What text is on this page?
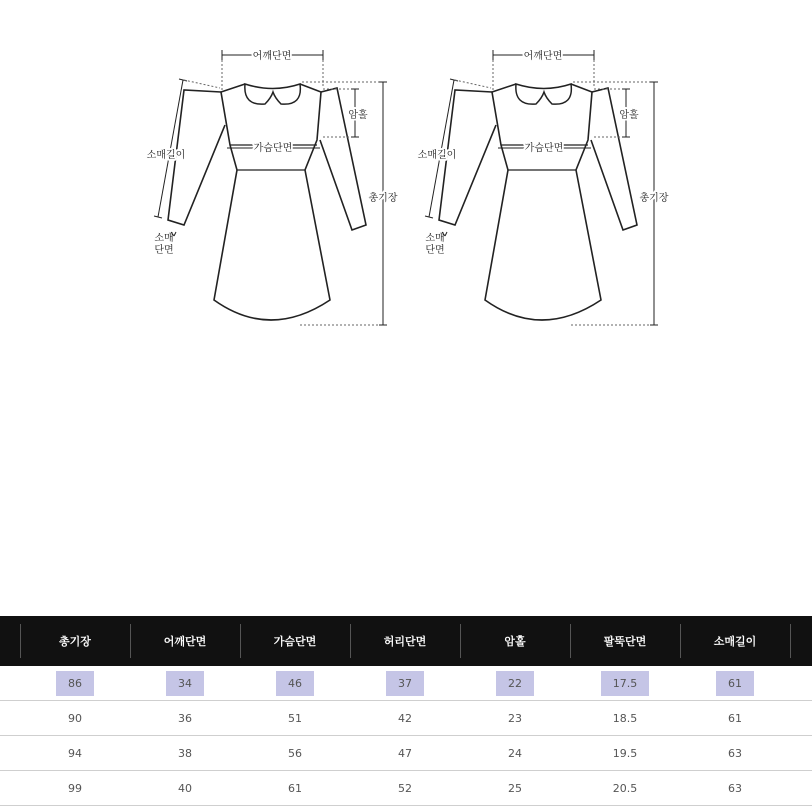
어깨단면
암홀
가슴단면
소매길이
총기장
소매
단면
어깨단면
암홀
가슴단면
소매길이
총기장
소매
단면
총기장	어깨단면	가슴단면	허리단면	암홀	팔뚝단면	소매길이
86	34	46	37	22	17.5	61
90	36	51	42	23	18.5	61
94	38	56	47	24	19.5	63
99	40	61	52	25	20.5	63
